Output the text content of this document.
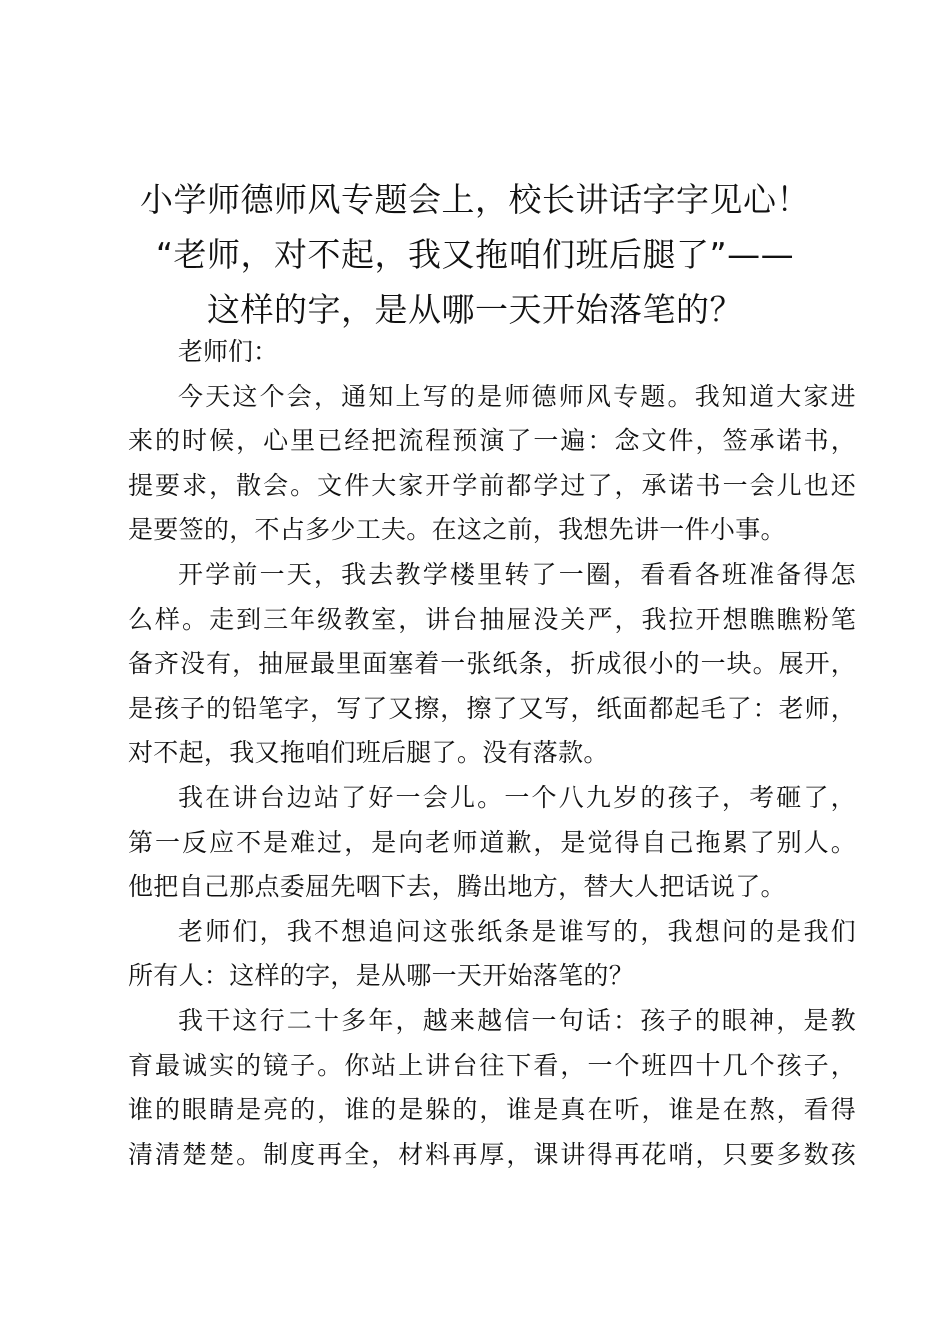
小学师德师风专题会上，校长讲话字字见心！
“老师，对不起，我又拖咱们班后腿了”——
这样的字，是从哪一天开始落笔的？
老师们：

今天这个会，通知上写的是师德师风专题。我知道大家进
来的时候，心里已经把流程预演了一遍：念文件，签承诺书，
提要求，散会。文件大家开学前都学过了，承诺书一会儿也还
是要签的，不占多少工夫。在这之前，我想先讲一件小事。

开学前一天，我去教学楼里转了一圈，看看各班准备得怎
么样。走到三年级教室，讲台抽屉没关严，我拉开想瞧瞧粉笔
备齐没有，抽屉最里面塞着一张纸条，折成很小的一块。展开，
是孩子的铅笔字，写了又擦，擦了又写，纸面都起毛了：老师，
对不起，我又拖咱们班后腿了。没有落款。

我在讲台边站了好一会儿。一个八九岁的孩子，考砸了，
第一反应不是难过，是向老师道歉，是觉得自己拖累了别人。
他把自己那点委屈先咽下去，腾出地方，替大人把话说了。

老师们，我不想追问这张纸条是谁写的，我想问的是我们
所有人：这样的字，是从哪一天开始落笔的？

我干这行二十多年，越来越信一句话：孩子的眼神，是教
育最诚实的镜子。你站上讲台往下看，一个班四十几个孩子，
谁的眼睛是亮的，谁的是躲的，谁是真在听，谁是在熬，看得
清清楚楚。制度再全，材料再厚，课讲得再花哨，只要多数孩
